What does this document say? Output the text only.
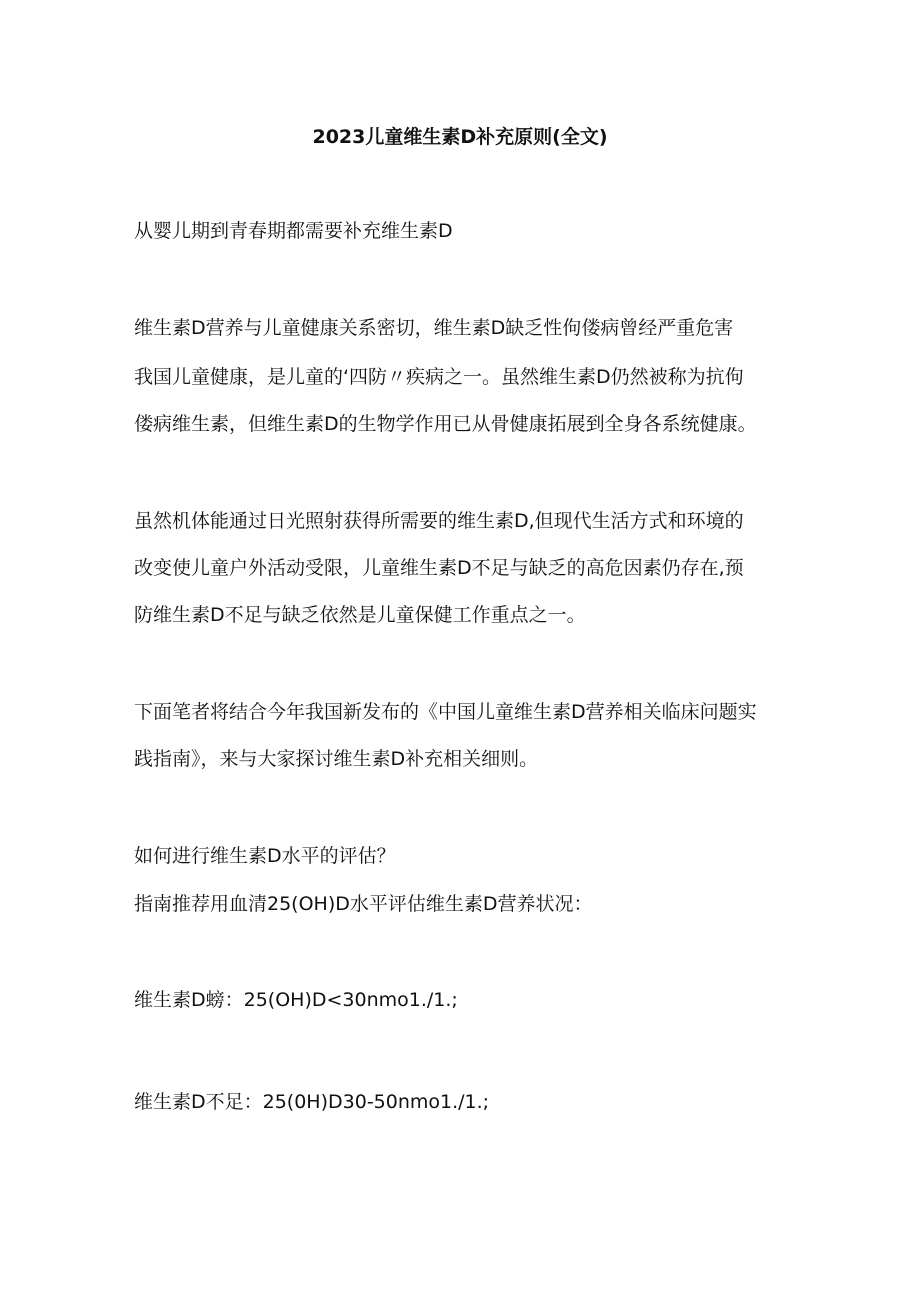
2023儿童维生素D补充原则(全文)
从婴儿期到青春期都需要补充维生素D
维生素D营养与儿童健康关系密切，维生素D缺乏性佝偻病曾经严重危害
我国儿童健康，是儿童的‘四防〃疾病之一。虽然维生素D仍然被称为抗佝
偻病维生素，但维生素D的生物学作用已从骨健康拓展到全身各系统健康。
虽然机体能通过日光照射获得所需要的维生素D,但现代生活方式和环境的
改变使儿童户外活动受限，儿童维生素D不足与缺乏的高危因素仍存在,预
防维生素D不足与缺乏依然是儿童保健工作重点之一。
下面笔者将结合今年我国新发布的《中国儿童维生素D营养相关临床问题实
践指南》，来与大家探讨维生素D补充相关细则。
如何进行维生素D水平的评估？
指南推荐用血清25(OH)D水平评估维生素D营养状况：
维生素D螃：25(OH)D<30nmo1./1.;
维生素D不足：25(0H)D30-50nmo1./1.;
